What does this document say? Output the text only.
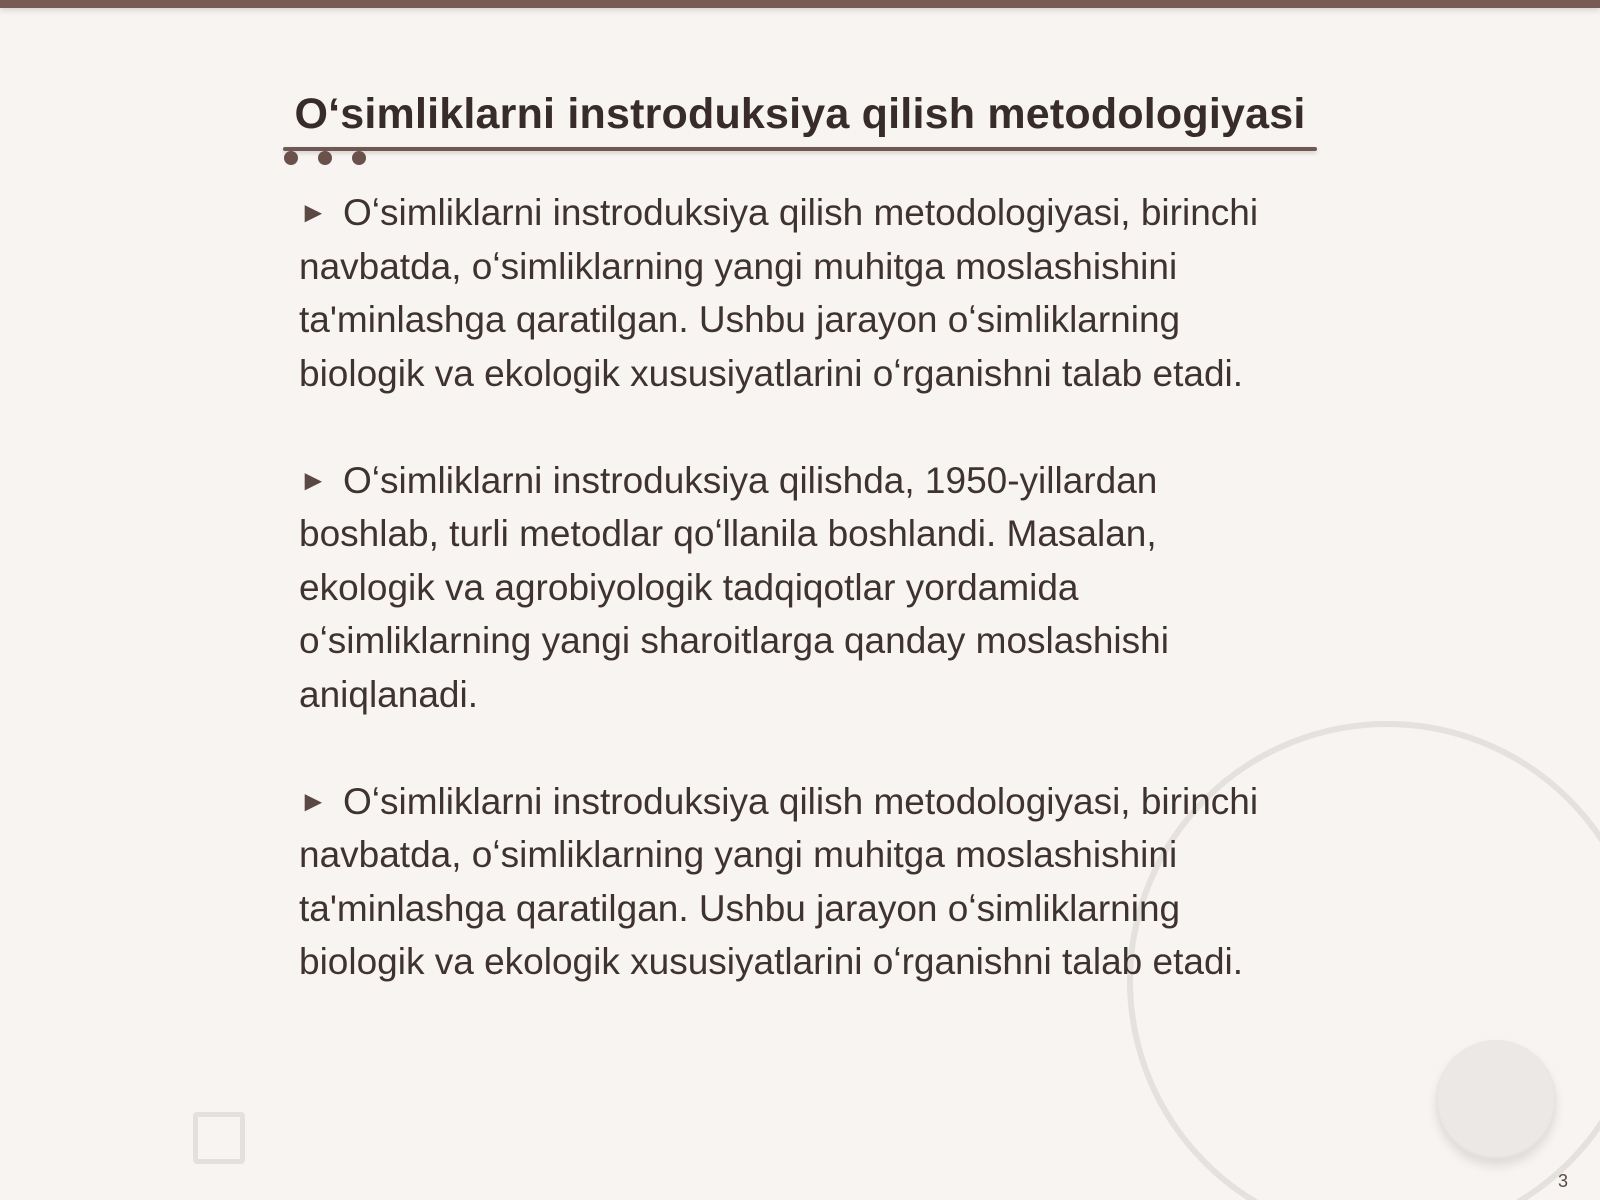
Oʻsimliklarni instroduksiya qilish metodologiyasi

► Oʻsimliklarni instroduksiya qilish metodologiyasi, birinchi navbatda, oʻsimliklarning yangi muhitga moslashishini ta'minlashga qaratilgan. Ushbu jarayon oʻsimliklarning biologik va ekologik xususiyatlarini oʻrganishni talab etadi.

► Oʻsimliklarni instroduksiya qilishda, 1950-yillardan boshlab, turli metodlar qoʻllanila boshlandi. Masalan, ekologik va agrobiyologik tadqiqotlar yordamida oʻsimliklarning yangi sharoitlarga qanday moslashishi aniqlanadi.

► Oʻsimliklarni instroduksiya qilish metodologiyasi, birinchi navbatda, oʻsimliklarning yangi muhitga moslashishini ta'minlashga qaratilgan. Ushbu jarayon oʻsimliklarning biologik va ekologik xususiyatlarini oʻrganishni talab etadi.

3
